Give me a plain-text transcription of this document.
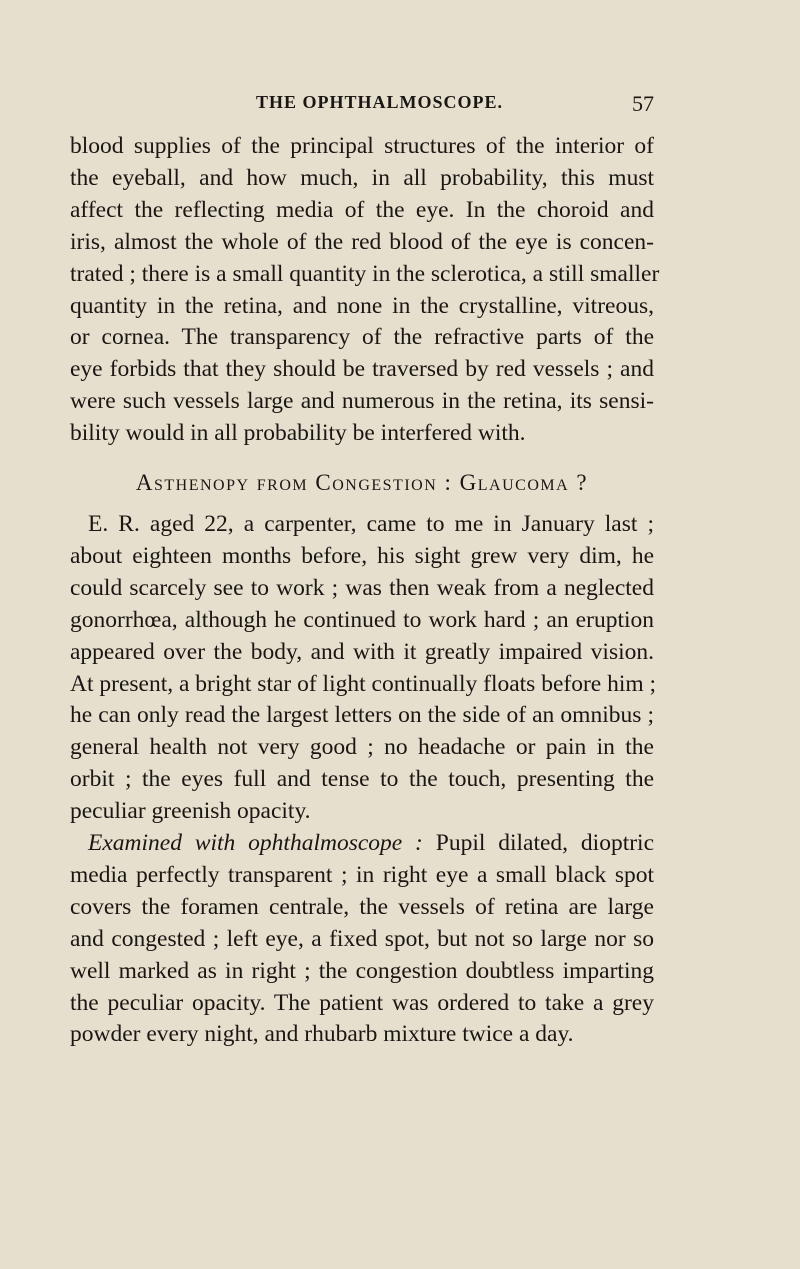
THE OPHTHALMOSCOPE.	57

blood supplies of the principal structures of the interior of
the eyeball, and how much, in all probability, this must
affect the reflecting media of the eye. In the choroid and
iris, almost the whole of the red blood of the eye is concen-
trated ; there is a small quantity in the sclerotica, a still smaller
quantity in the retina, and none in the crystalline, vitreous,
or cornea. The transparency of the refractive parts of the
eye forbids that they should be traversed by red vessels ; and
were such vessels large and numerous in the retina, its sensi-
bility would in all probability be interfered with.

Asthenopy from Congestion : Glaucoma ?

E. R. aged 22, a carpenter, came to me in January last ;
about eighteen months before, his sight grew very dim, he
could scarcely see to work ; was then weak from a neglected
gonorrhœa, although he continued to work hard ; an eruption
appeared over the body, and with it greatly impaired vision.
At present, a bright star of light continually floats before him ;
he can only read the largest letters on the side of an omnibus ;
general health not very good ; no headache or pain in the
orbit ; the eyes full and tense to the touch, presenting the
peculiar greenish opacity.

Examined with ophthalmoscope : Pupil dilated, dioptric
media perfectly transparent ; in right eye a small black spot
covers the foramen centrale, the vessels of retina are large
and congested ; left eye, a fixed spot, but not so large nor so
well marked as in right ; the congestion doubtless imparting
the peculiar opacity. The patient was ordered to take a grey
powder every night, and rhubarb mixture twice a day.
